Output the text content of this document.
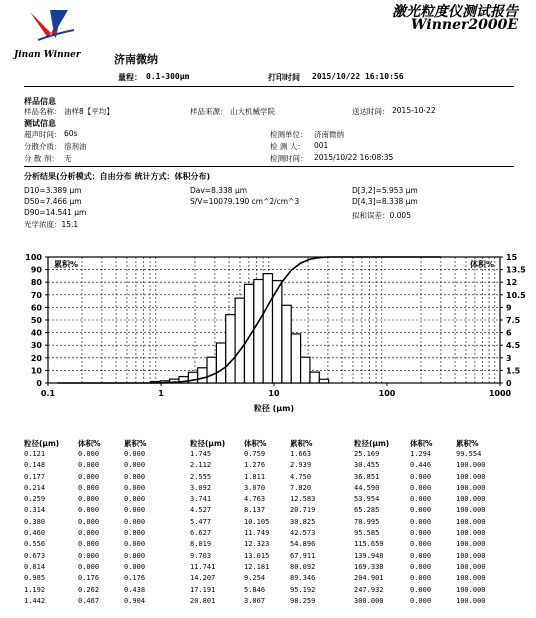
Jinan Winner	济南微纳
激光粒度仪测试报告
Winner2000E
量程： 0.1-300μm	打印时间 2015/10/22 16:10:56
样品信息
样品名称： 油样8【平均】	样品来源： 山大机械学院	送达时间： 2015-10-22
测试信息
超声时间： 60s
分散介质： 溶剂油
分 散 剂： 无
检测单位： 济南微纳
检 测 人： 001
检测时间： 2015/10/22 16:08:35
分析结果(分析模式：自由分布 统计方式：体积分布)
D10=3.389 μm
D50=7.466 μm
D90=14.541 μm
光学浓度：15.1
Dav=8.338 μm
S/V=10079.190 cm^2/cm^3
D[3,2]=5.953 μm
D[4,3]=8.338 μm
拟和误差：0.005
0
10
20
30
40
50
60
70
80
90
100
0
1.5
3
4.5
6
7.5
9
10.5
12
13.5
15
0.1	1	10	100	1000
累积%	体积%
粒径 (μm)
粒径(μm)	体积%	累积%
0.121	0.000	0.000
0.148	0.000	0.000
0.177	0.000	0.000
0.214	0.000	0.000
0.259	0.000	0.000
0.314	0.000	0.000
0.380	0.000	0.000
0.460	0.000	0.000
0.556	0.000	0.000
0.673	0.000	0.000
0.814	0.000	0.000
0.985	0.176	0.176
1.192	0.262	0.438
1.442	0.467	0.904
粒径(μm)	体积%	累积%
1.745	0.759	1.663
2.112	1.276	2.939
2.555	1.811	4.750
3.092	3.070	7.820
3.741	4.763	12.583
4.527	8.137	20.719
5.477	10.105	30.825
6.627	11.749	42.573
8.019	12.323	54.896
9.703	13.015	67.911
11.741	12.181	80.092
14.207	9.254	89.346
17.191	5.846	95.192
20.801	3.067	98.259
粒径(μm)	体积%	累积%
25.169	1.294	99.554
30.455	0.446	100.000
36.851	0.000	100.000
44.590	0.000	100.000
53.954	0.000	100.000
65.285	0.000	100.000
78.995	0.000	100.000
95.585	0.000	100.000
115.659	0.000	100.000
139.948	0.000	100.000
169.338	0.000	100.000
204.901	0.000	100.000
247.932	0.000	100.000
300.000	0.000	100.000
